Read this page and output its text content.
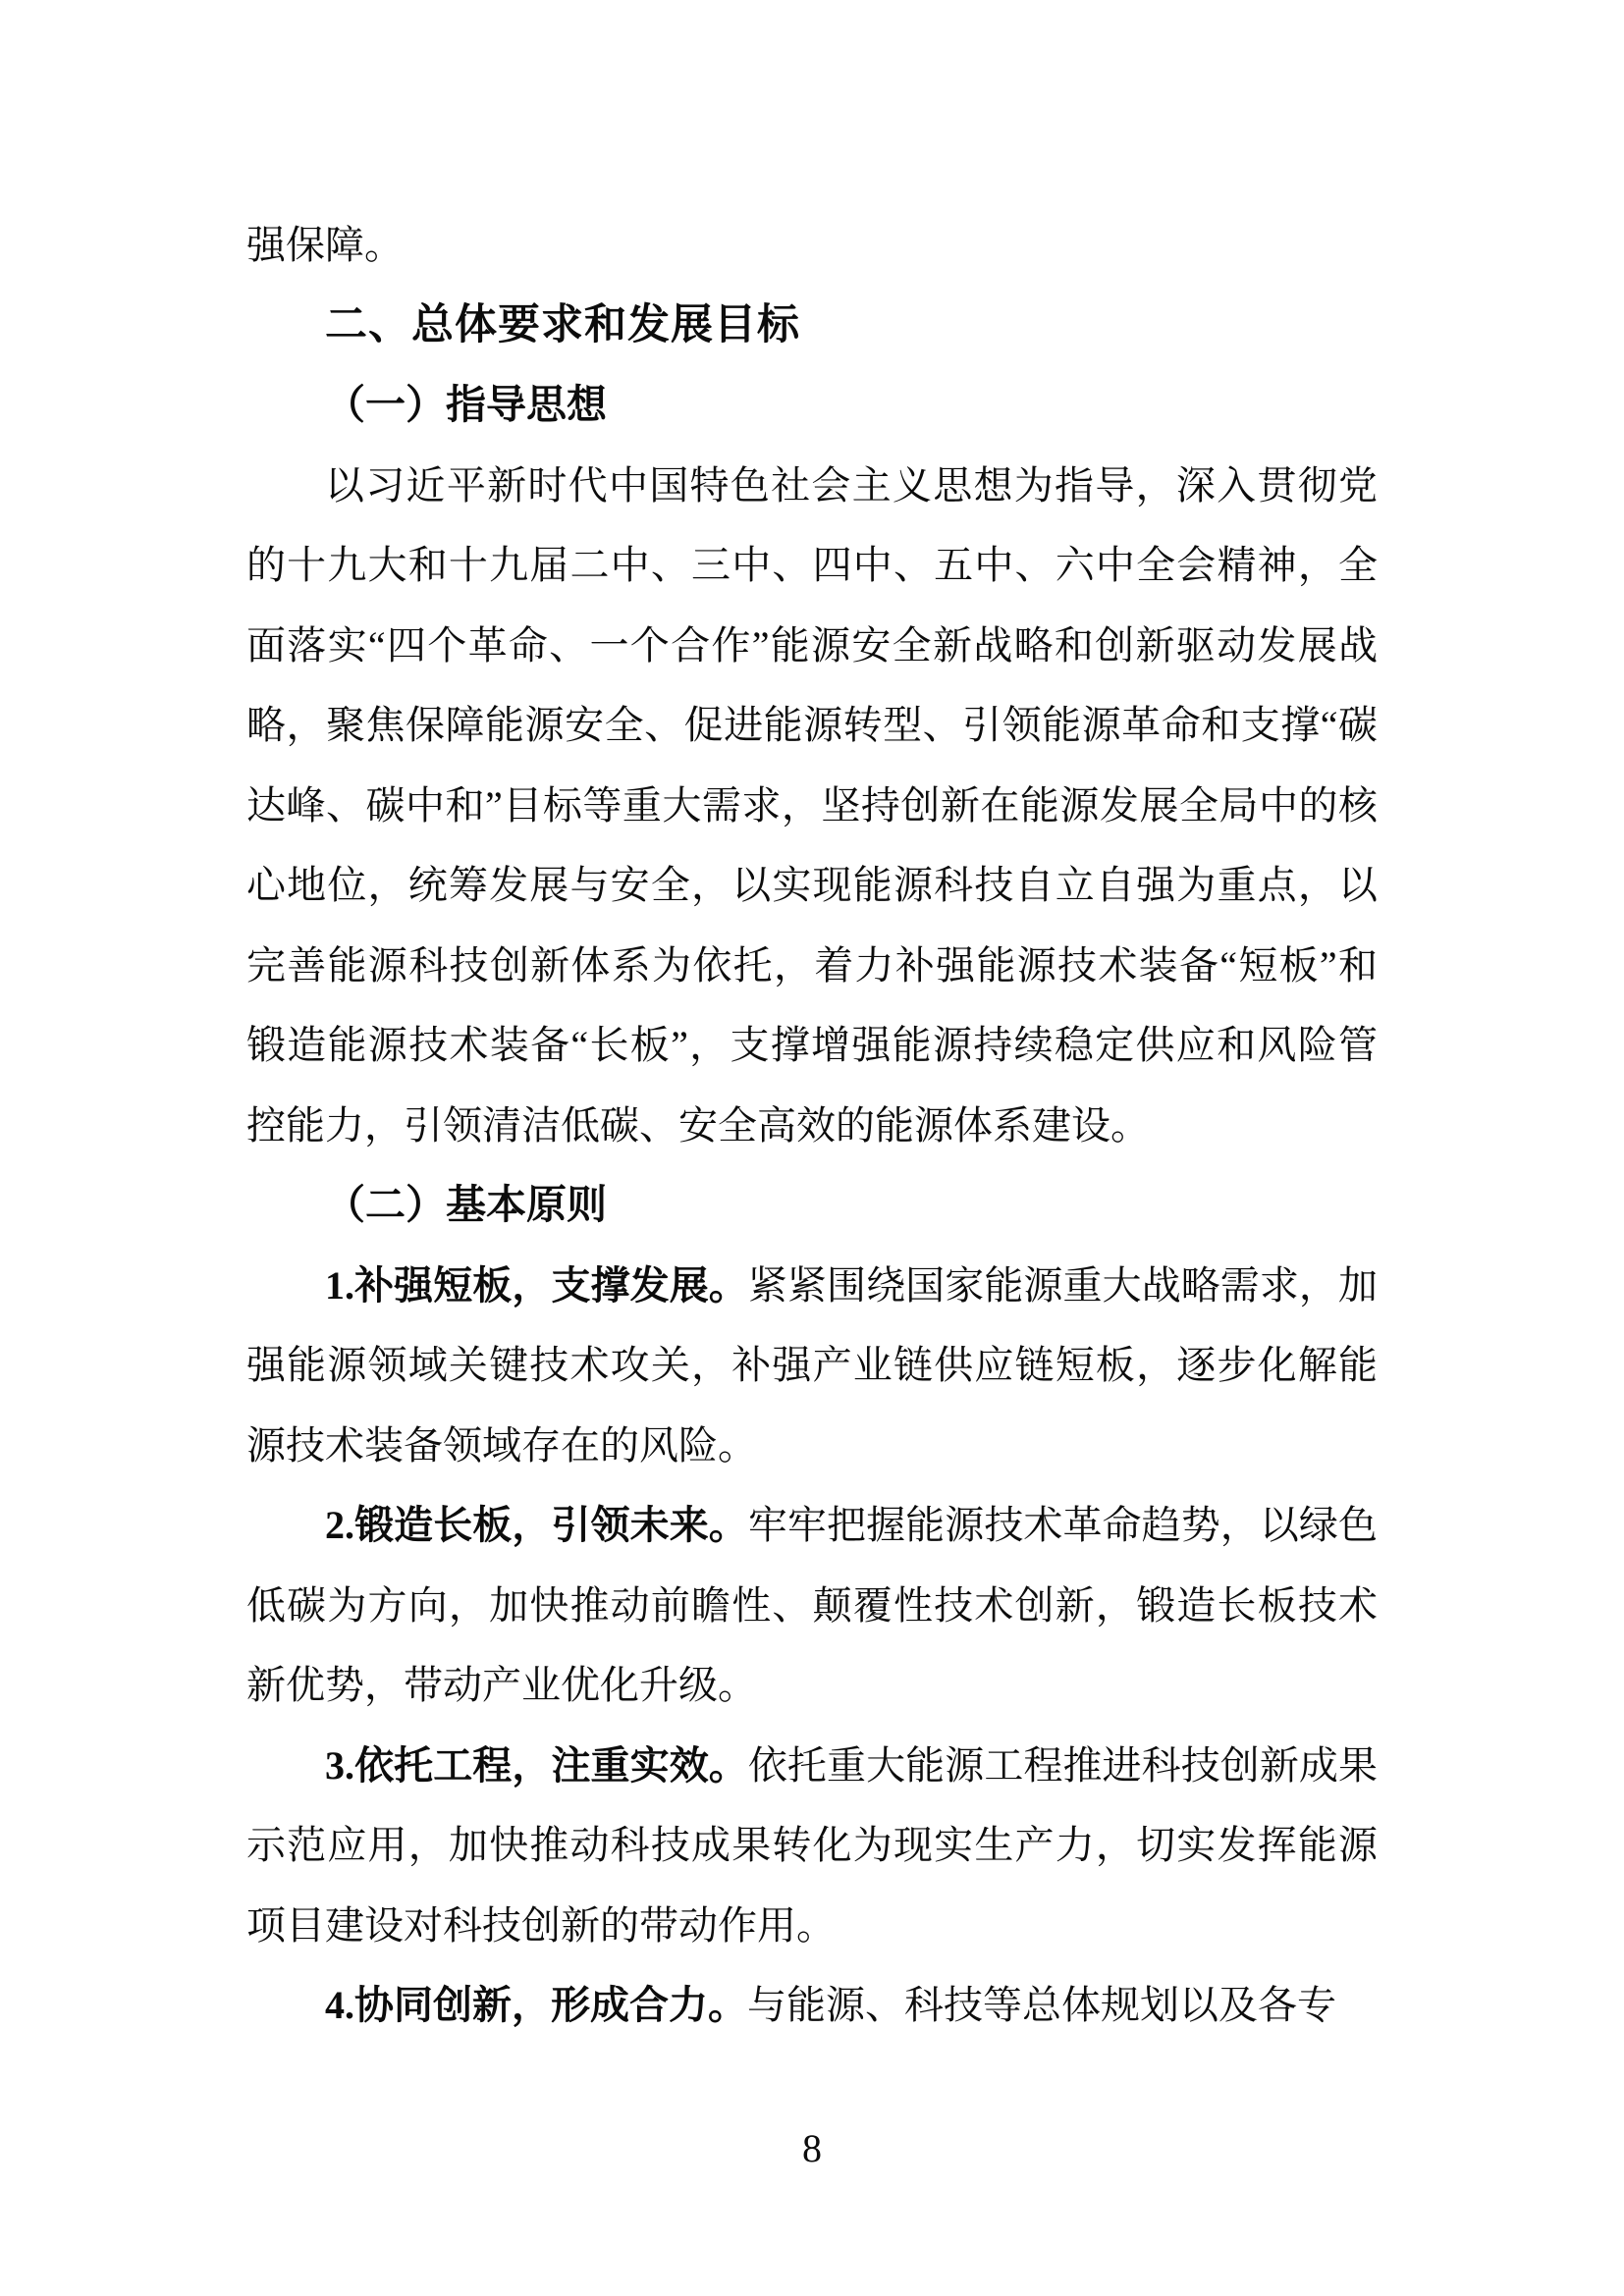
强保障。

二、总体要求和发展目标
（一）指导思想

以习近平新时代中国特色社会主义思想为指导，深入贯彻党的十九大和十九届二中、三中、四中、五中、六中全会精神，全面落实“四个革命、一个合作”能源安全新战略和创新驱动发展战略，聚焦保障能源安全、促进能源转型、引领能源革命和支撑“碳达峰、碳中和”目标等重大需求，坚持创新在能源发展全局中的核心地位，统筹发展与安全，以实现能源科技自立自强为重点，以完善能源科技创新体系为依托，着力补强能源技术装备“短板”和锻造能源技术装备“长板”，支撑增强能源持续稳定供应和风险管控能力，引领清洁低碳、安全高效的能源体系建设。

（二）基本原则

1.补强短板，支撑发展。紧紧围绕国家能源重大战略需求，加强能源领域关键技术攻关，补强产业链供应链短板，逐步化解能源技术装备领域存在的风险。

2.锻造长板，引领未来。牢牢把握能源技术革命趋势，以绿色低碳为方向，加快推动前瞻性、颠覆性技术创新，锻造长板技术新优势，带动产业优化升级。

3.依托工程，注重实效。依托重大能源工程推进科技创新成果示范应用，加快推动科技成果转化为现实生产力，切实发挥能源项目建设对科技创新的带动作用。

4.协同创新，形成合力。与能源、科技等总体规划以及各专

8
